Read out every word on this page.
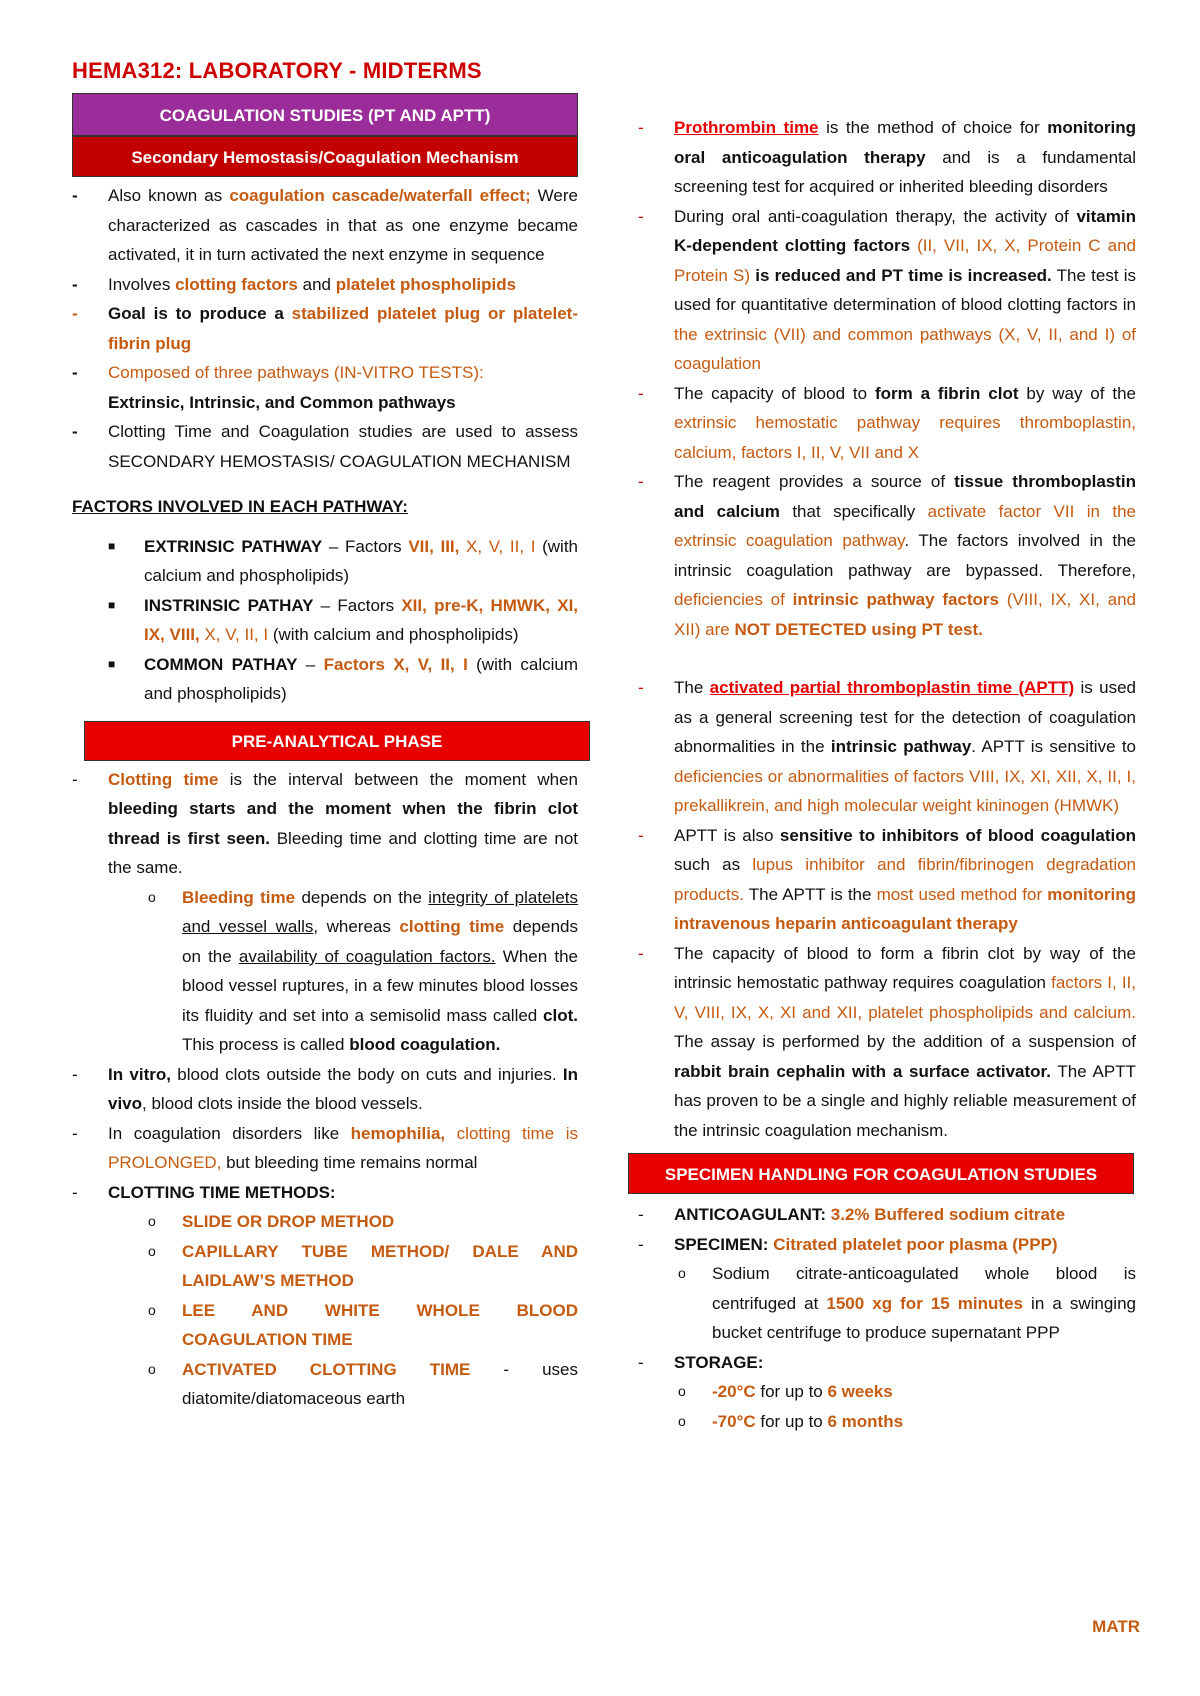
HEMA312: LABORATORY - MIDTERMS
COAGULATION STUDIES (PT AND APTT)
Secondary Hemostasis/Coagulation Mechanism
- Also known as coagulation cascade/waterfall effect; Were characterized as cascades in that as one enzyme became activated, it in turn activated the next enzyme in sequence
- Involves clotting factors and platelet phospholipids
- Goal is to produce a stabilized platelet plug or platelet-fibrin plug
- Composed of three pathways (IN-VITRO TESTS):
Extrinsic, Intrinsic, and Common pathways
- Clotting Time and Coagulation studies are used to assess SECONDARY HEMOSTASIS/ COAGULATION MECHANISM
FACTORS INVOLVED IN EACH PATHWAY:
■ EXTRINSIC PATHWAY – Factors VII, III, X, V, II, I (with calcium and phospholipids)
■ INSTRINSIC PATHAY – Factors XII, pre-K, HMWK, XI, IX, VIII, X, V, II, I (with calcium and phospholipids)
■ COMMON PATHAY – Factors X, V, II, I (with calcium and phospholipids)
PRE-ANALYTICAL PHASE
- Clotting time is the interval between the moment when bleeding starts and the moment when the fibrin clot thread is first seen. Bleeding time and clotting time are not the same.
o Bleeding time depends on the integrity of platelets and vessel walls, whereas clotting time depends on the availability of coagulation factors. When the blood vessel ruptures, in a few minutes blood losses its fluidity and set into a semisolid mass called clot. This process is called blood coagulation.
- In vitro, blood clots outside the body on cuts and injuries. In vivo, blood clots inside the blood vessels.
- In coagulation disorders like hemophilia, clotting time is PROLONGED, but bleeding time remains normal
- CLOTTING TIME METHODS:
o SLIDE OR DROP METHOD
o CAPILLARY TUBE METHOD/ DALE AND LAIDLAW’S METHOD
o LEE AND WHITE WHOLE BLOOD COAGULATION TIME
o ACTIVATED CLOTTING TIME - uses diatomite/diatomaceous earth
- Prothrombin time is the method of choice for monitoring oral anticoagulation therapy and is a fundamental screening test for acquired or inherited bleeding disorders
- During oral anti-coagulation therapy, the activity of vitamin K-dependent clotting factors (II, VII, IX, X, Protein C and Protein S) is reduced and PT time is increased. The test is used for quantitative determination of blood clotting factors in the extrinsic (VII) and common pathways (X, V, II, and I) of coagulation
- The capacity of blood to form a fibrin clot by way of the extrinsic hemostatic pathway requires thromboplastin, calcium, factors I, II, V, VII and X
- The reagent provides a source of tissue thromboplastin and calcium that specifically activate factor VII in the extrinsic coagulation pathway. The factors involved in the intrinsic coagulation pathway are bypassed. Therefore, deficiencies of intrinsic pathway factors (VIII, IX, XI, and XII) are NOT DETECTED using PT test.
- The activated partial thromboplastin time (APTT) is used as a general screening test for the detection of coagulation abnormalities in the intrinsic pathway. APTT is sensitive to deficiencies or abnormalities of factors VIII, IX, XI, XII, X, II, I, prekallikrein, and high molecular weight kininogen (HMWK)
- APTT is also sensitive to inhibitors of blood coagulation such as lupus inhibitor and fibrin/fibrinogen degradation products. The APTT is the most used method for monitoring intravenous heparin anticoagulant therapy
- The capacity of blood to form a fibrin clot by way of the intrinsic hemostatic pathway requires coagulation factors I, II, V, VIII, IX, X, XI and XII, platelet phospholipids and calcium. The assay is performed by the addition of a suspension of rabbit brain cephalin with a surface activator. The APTT has proven to be a single and highly reliable measurement of the intrinsic coagulation mechanism.
SPECIMEN HANDLING FOR COAGULATION STUDIES
- ANTICOAGULANT: 3.2% Buffered sodium citrate
- SPECIMEN: Citrated platelet poor plasma (PPP)
o Sodium citrate-anticoagulated whole blood is centrifuged at 1500 xg for 15 minutes in a swinging bucket centrifuge to produce supernatant PPP
- STORAGE:
o -20°C for up to 6 weeks
o -70°C for up to 6 months
MATR
